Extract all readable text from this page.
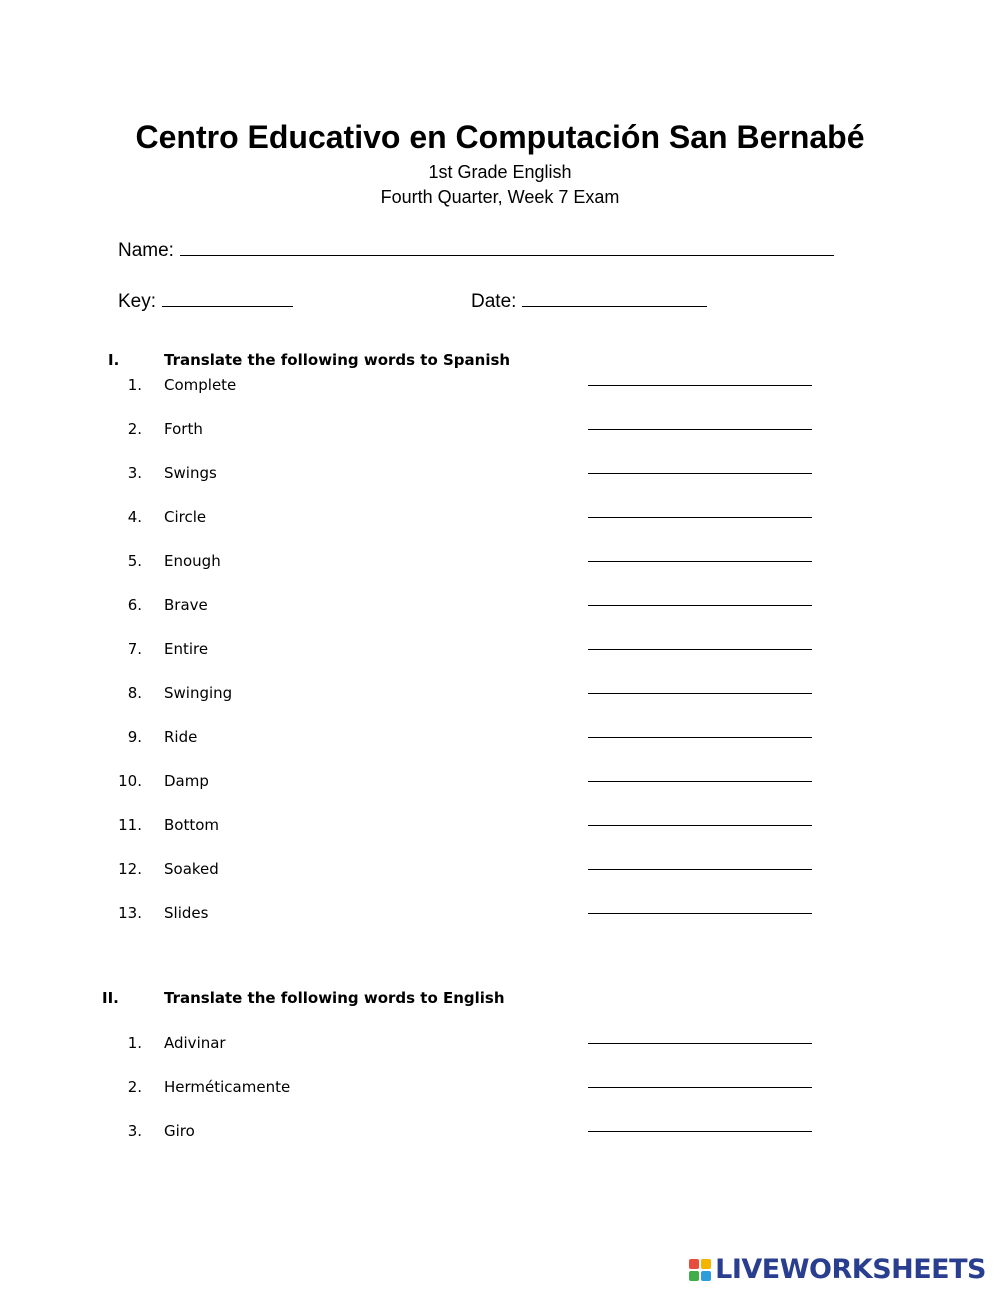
Centro Educativo en Computación San Bernabé
1st Grade English
Fourth Quarter, Week 7 Exam
Name:
Key:	Date:
I.	Translate the following words to Spanish
1. Complete
2. Forth
3. Swings
4. Circle
5. Enough
6. Brave
7. Entire
8. Swinging
9. Ride
10. Damp
11. Bottom
12. Soaked
13. Slides
II.	Translate the following words to English
1. Adivinar
2. Herméticamente
3. Giro
LIVEWORKSHEETS
